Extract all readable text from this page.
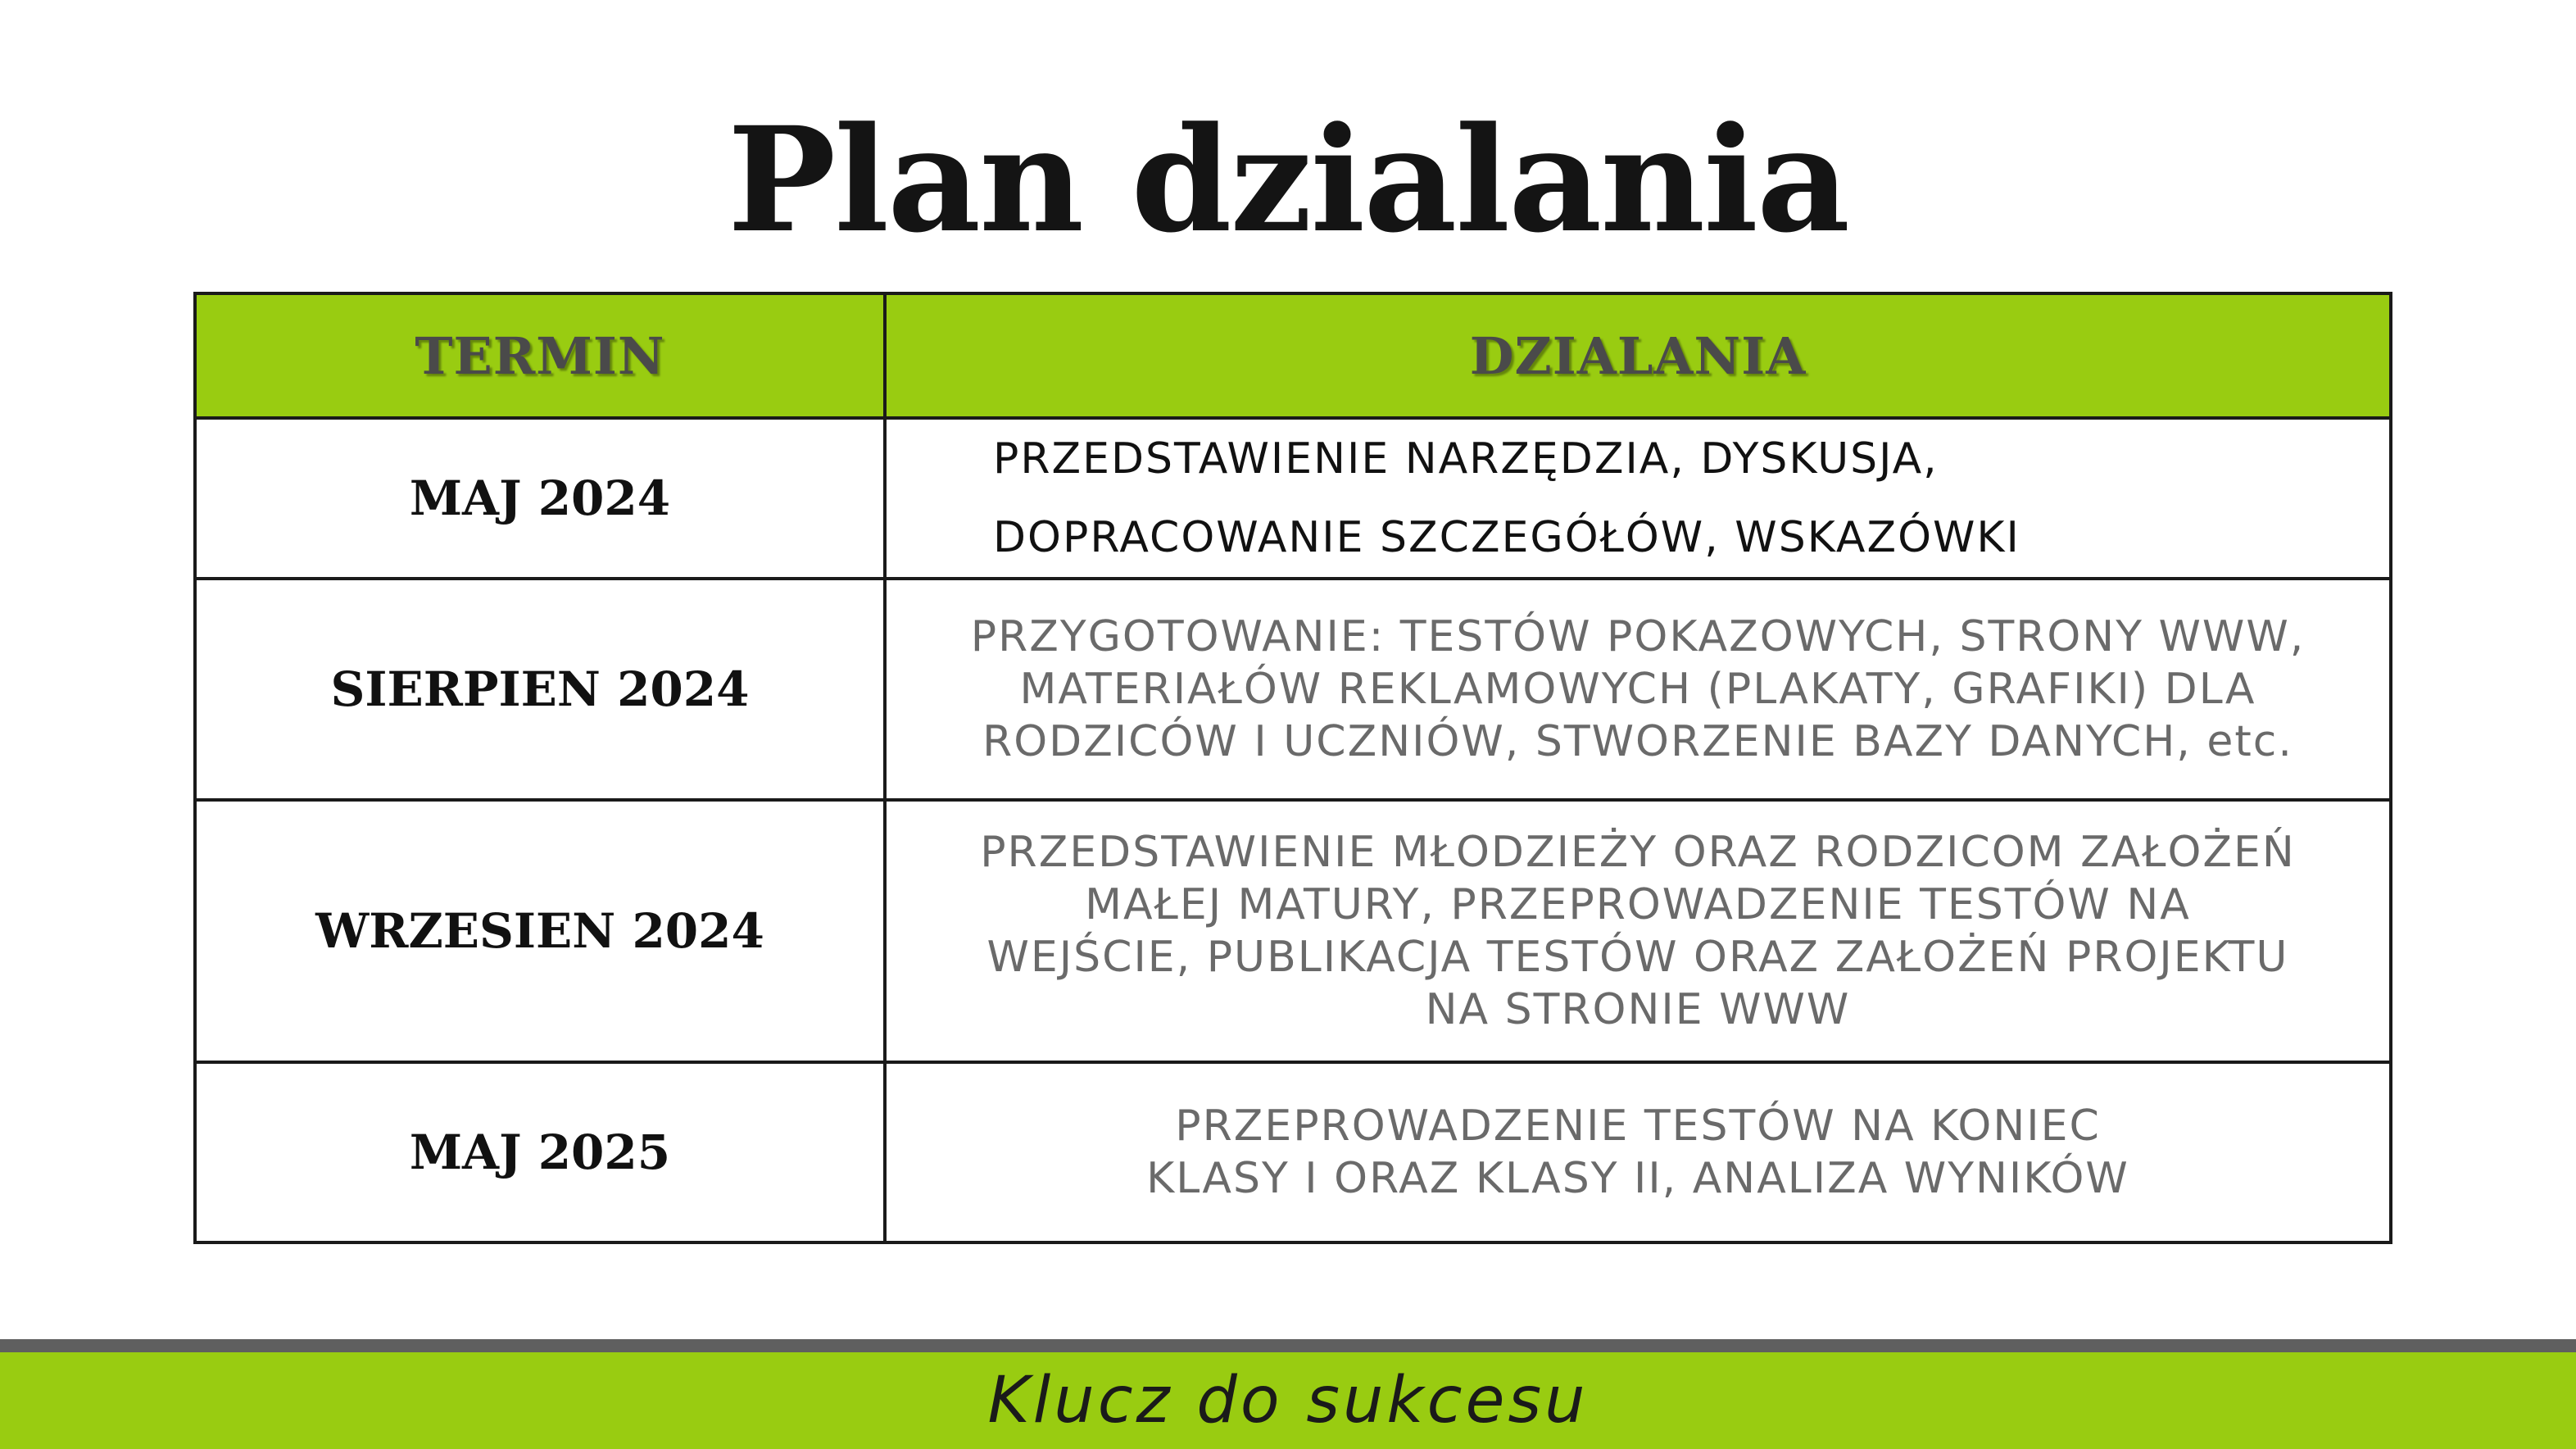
Plan dzialania
TERMIN	DZIALANIA
MAJ 2024	PRZEDSTAWIENIE NARZĘDZIA, DYSKUSJA,
DOPRACOWANIE SZCZEGÓŁÓW, WSKAZÓWKI

SIERPIEN 2024	PRZYGOTOWANIE: TESTÓW POKAZOWYCH, STRONY WWW,
MATERIAŁÓW REKLAMOWYCH (PLAKATY, GRAFIKI) DLA
RODZICÓW I UCZNIÓW, STWORZENIE BAZY DANYCH, etc.

WRZESIEN 2024	PRZEDSTAWIENIE MŁODZIEŻY ORAZ RODZICOM ZAŁOŻEŃ
MAŁEJ MATURY, PRZEPROWADZENIE TESTÓW NA
WEJŚCIE, PUBLIKACJA TESTÓW ORAZ ZAŁOŻEŃ PROJEKTU
NA STRONIE WWW

MAJ 2025	PRZEPROWADZENIE TESTÓW NA KONIEC
KLASY I ORAZ KLASY II, ANALIZA WYNIKÓW
Klucz do sukcesu
